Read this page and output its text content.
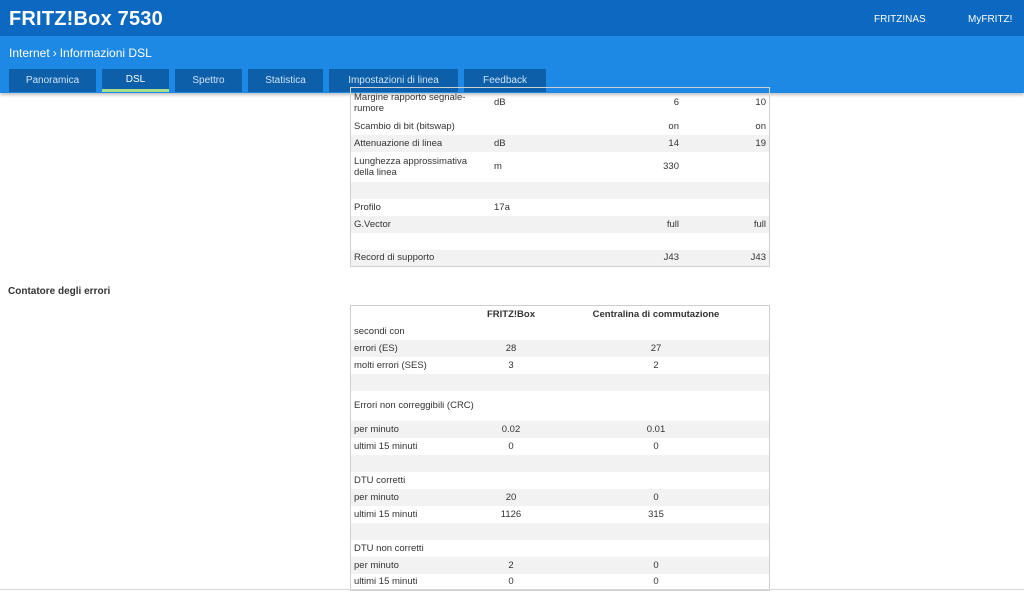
FRITZ!Box 7530	FRITZ!NAS	MyFRITZ!
Internet › Informazioni DSL
Panoramica	DSL	Spettro	Statistica	Impostazioni di linea	Feedback
Margine rapporto segnale-rumore	dB	6	10
Scambio di bit (bitswap)		on	on
Attenuazione di linea	dB	14	19
Lunghezza approssimativa della linea	m	330	

Profilo	17a		
G.Vector		full	full

Record di supporto		J43	J43
Contatore degli errori
	FRITZ!Box	Centralina di commutazione
secondi con		
errori (ES)	28	27
molti errori (SES)	3	2

Errori non correggibili (CRC)		
per minuto	0.02	0.01
ultimi 15 minuti	0	0

DTU corretti		
per minuto	20	0
ultimi 15 minuti	1126	315

DTU non corretti		
per minuto	2	0
ultimi 15 minuti	0	0
